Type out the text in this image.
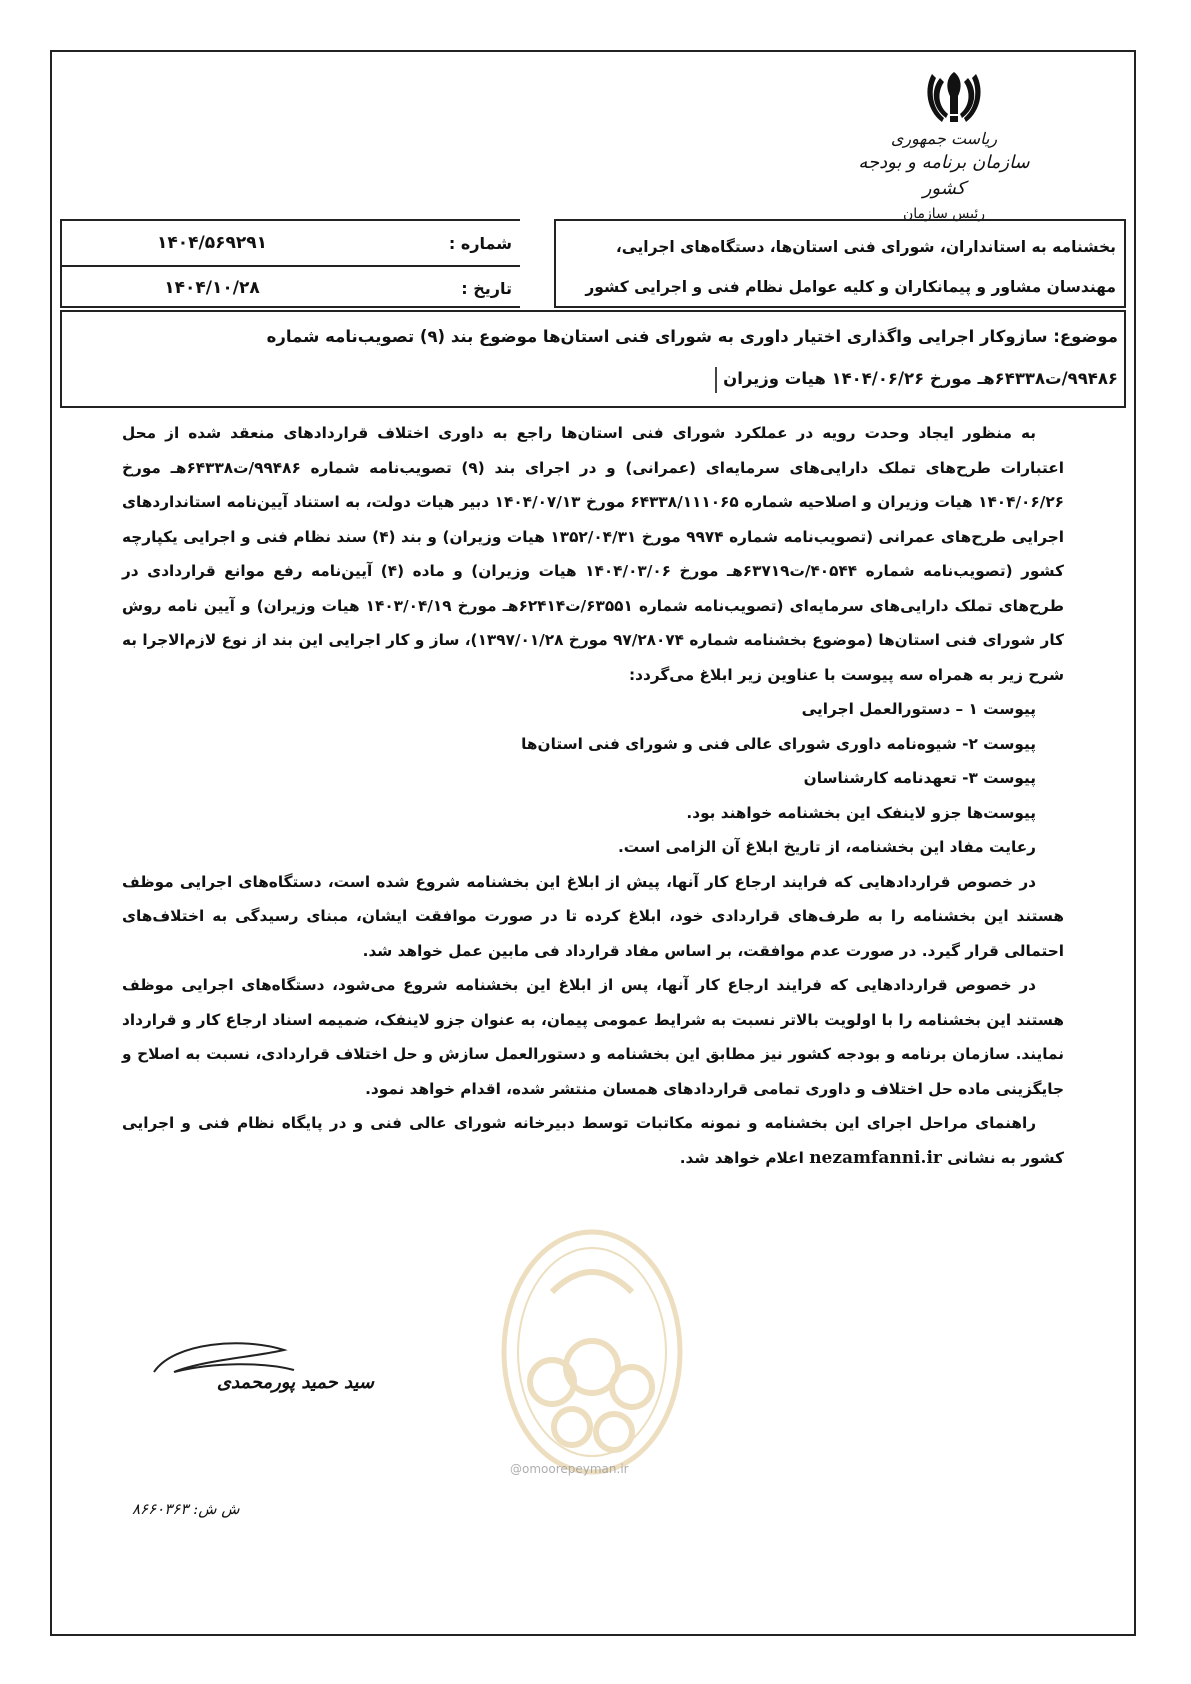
ریاست جمهوری
سازمان برنامه و بودجه کشور
رئیس سازمان
بخشنامه به استانداران، شورای فنی استان‌ها، دستگاه‌های اجرایی،
مهندسان مشاور و پیمانکاران و کلیه عوامل نظام فنی و اجرایی کشور
شماره :
۱۴۰۴/۵۶۹۲۹۱
تاریخ :
۱۴۰۴/۱۰/۲۸
موضوع: سازوکار اجرایی واگذاری اختیار داوری به شورای فنی استان‌ها موضوع بند (۹) تصویب‌نامه شماره
۹۹۴۸۶/ت۶۴۳۳۸هـ مورخ ۱۴۰۴/۰۶/۲۶ هیات وزیران

به منظور ایجاد وحدت رویه در عملکرد شورای فنی استان‌ها راجع به داوری اختلاف قراردادهای منعقد شده از محل اعتبارات طرح‌های تملک دارایی‌های سرمایه‌ای (عمرانی) و در اجرای بند (۹) تصویب‌نامه شماره ۹۹۴۸۶/ت۶۴۳۳۸هـ مورخ ۱۴۰۴/۰۶/۲۶ هیات وزیران و اصلاحیه شماره ۶۴۳۳۸/۱۱۱۰۶۵ مورخ ۱۴۰۴/۰۷/۱۳ دبیر هیات دولت، به استناد آیین‌نامه استانداردهای اجرایی طرح‌های عمرانی (تصویب‌نامه شماره ۹۹۷۴ مورخ ۱۳۵۲/۰۴/۳۱ هیات وزیران) و بند (۴) سند نظام فنی و اجرایی یکپارچه کشور (تصویب‌نامه شماره ۴۰۵۴۴/ت۶۳۷۱۹هـ مورخ ۱۴۰۴/۰۳/۰۶ هیات وزیران) و ماده (۴) آیین‌نامه رفع موانع قراردادی در طرح‌های تملک دارایی‌های سرمایه‌ای (تصویب‌نامه شماره ۶۳۵۵۱/ت۶۲۴۱۴هـ مورخ ۱۴۰۳/۰۴/۱۹ هیات وزیران) و آیین نامه روش کار شورای فنی استان‌ها (موضوع بخشنامه شماره ۹۷/۲۸۰۷۴ مورخ ۱۳۹۷/۰۱/۲۸)، ساز و کار اجرایی این بند از نوع لازم‌الاجرا به شرح زیر به همراه سه پیوست با عناوین زیر ابلاغ می‌گردد:

پیوست ۱ – دستورالعمل اجرایی

پیوست ۲- شیوه‌نامه داوری شورای عالی فنی و شورای فنی استان‌ها

پیوست ۳- تعهدنامه کارشناسان

پیوست‌ها جزو لاینفک این بخشنامه خواهند بود.

رعایت مفاد این بخشنامه، از تاریخ ابلاغ آن الزامی است.

در خصوص قراردادهایی که فرایند ارجاع کار آنها، پیش از ابلاغ این بخشنامه شروع شده است، دستگاه‌های اجرایی موظف هستند این بخشنامه را به طرف‌های قراردادی خود، ابلاغ کرده تا در صورت موافقت ایشان، مبنای رسیدگی به اختلاف‌های احتمالی قرار گیرد. در صورت عدم موافقت، بر اساس مفاد قرارداد فی مابین عمل خواهد شد.

در خصوص قراردادهایی که فرایند ارجاع کار آنها، پس از ابلاغ این بخشنامه شروع می‌شود، دستگاه‌های اجرایی موظف هستند این بخشنامه را با اولویت بالاتر نسبت به شرایط عمومی پیمان، به عنوان جزو لاینفک، ضمیمه اسناد ارجاع کار و قرارداد نمایند. سازمان برنامه و بودجه کشور نیز مطابق این بخشنامه و دستورالعمل سازش و حل اختلاف قراردادی، نسبت به اصلاح و جایگزینی ماده حل اختلاف و داوری تمامی قراردادهای همسان منتشر شده، اقدام خواهد نمود.

راهنمای مراحل اجرای این بخشنامه و نمونه مکاتبات توسط دبیرخانه شورای عالی فنی و در پایگاه نظام فنی و اجرایی کشور به نشانی nezamfanni.ir اعلام خواهد شد.

@omoorepeyman.ir
سید حمید پورمحمدی
ش ش: ۸۶۶۰۳۶۳
